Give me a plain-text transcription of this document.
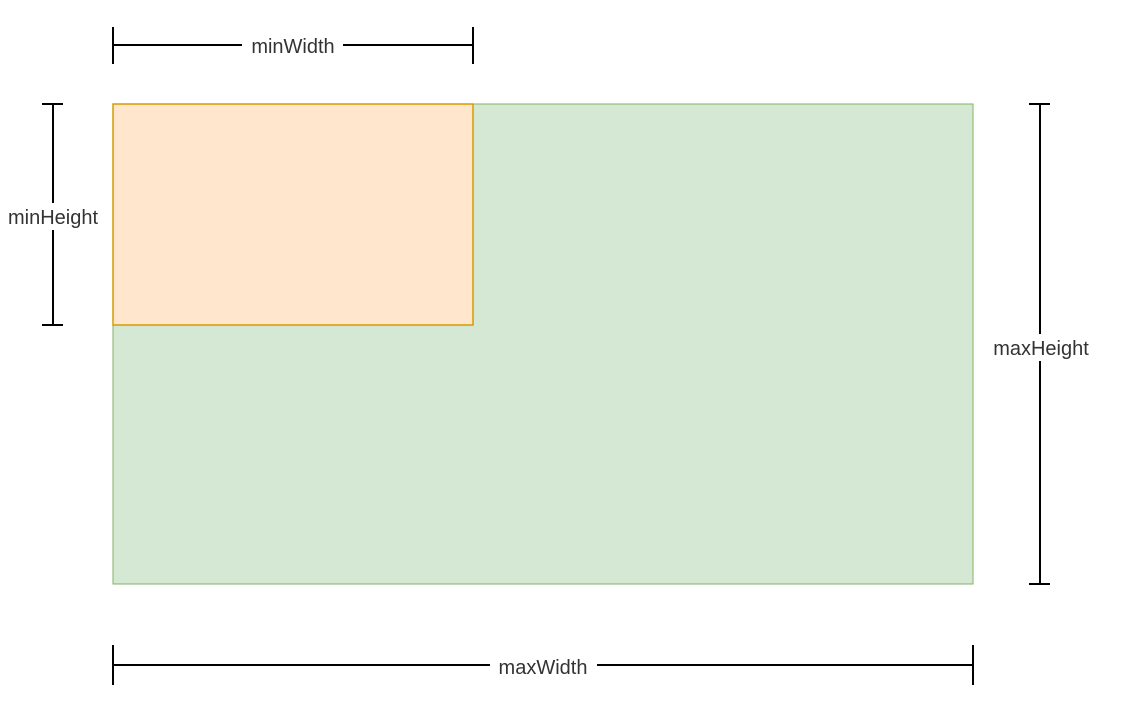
minWidth
minHeight
maxHeight
maxWidth
